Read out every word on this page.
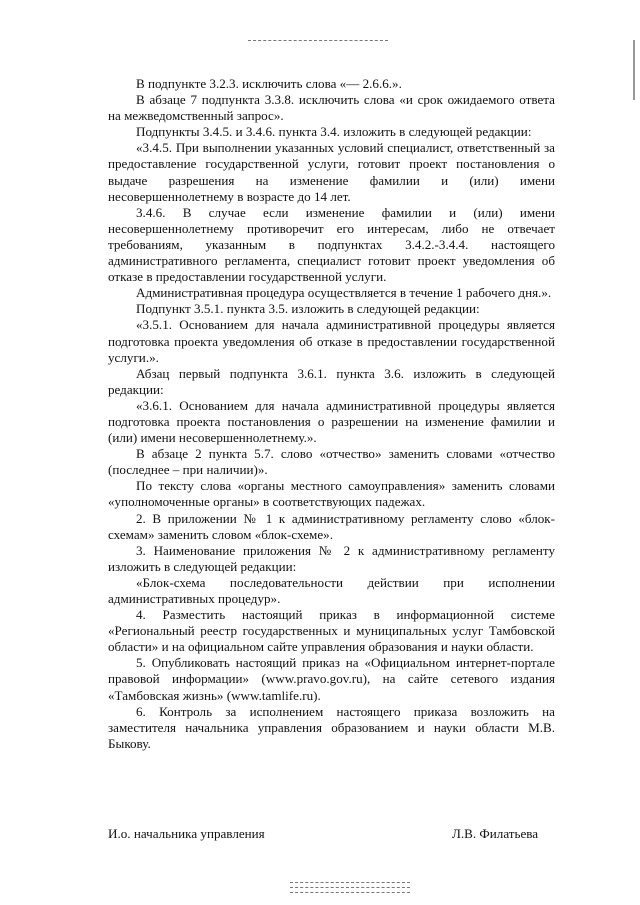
В подпункте 3.2.3. исключить слова «— 2.6.6.».

В абзаце 7 подпункта 3.3.8. исключить слова «и срок ожидаемого ответа на межведомственный запрос».

Подпункты 3.4.5. и 3.4.6. пункта 3.4. изложить в следующей редакции:

«3.4.5. При выполнении указанных условий специалист, ответственный за предоставление государственной услуги, готовит проект постановления о выдаче разрешения на изменение фамилии и (или) имени несовершеннолетнему в возрасте до 14 лет.

3.4.6. В случае если изменение фамилии и (или) имени несовершеннолетнему противоречит его интересам, либо не отвечает требованиям, указанным в подпунктах 3.4.2.-3.4.4. настоящего административного регламента, специалист готовит проект уведомления об отказе в предоставлении государственной услуги.

Административная процедура осуществляется в течение 1 рабочего дня.».

Подпункт 3.5.1. пункта 3.5. изложить в следующей редакции:

«3.5.1. Основанием для начала административной процедуры является подготовка проекта уведомления об отказе в предоставлении государственной услуги.».

Абзац первый подпункта 3.6.1. пункта 3.6. изложить в следующей редакции:

«3.6.1. Основанием для начала административной процедуры является подготовка проекта постановления о разрешении на изменение фамилии и (или) имени несовершеннолетнему.».

В абзаце 2 пункта 5.7. слово «отчество» заменить словами «отчество (последнее – при наличии)».

По тексту слова «органы местного самоуправления» заменить словами «уполномоченные органы» в соответствующих падежах.

2. В приложении № 1 к административному регламенту слово «блок-схемам» заменить словом «блок-схеме».

3. Наименование приложения № 2 к административному регламенту изложить в следующей редакции:

«Блок-схема последовательности действии при исполнении административных процедур».

4. Разместить настоящий приказ в информационной системе «Региональный реестр государственных и муниципальных услуг Тамбовской области» и на официальном сайте управления образования и науки области.

5. Опубликовать настоящий приказ на «Официальном интернет-портале правовой информации» (www.pravo.gov.ru), на сайте сетевого издания «Тамбовская жизнь» (www.tamlife.ru).

6. Контроль за исполнением настоящего приказа возложить на заместителя начальника управления образованием и науки области М.В. Быкову.

И.о. начальника управления	Л.В. Филатьева
